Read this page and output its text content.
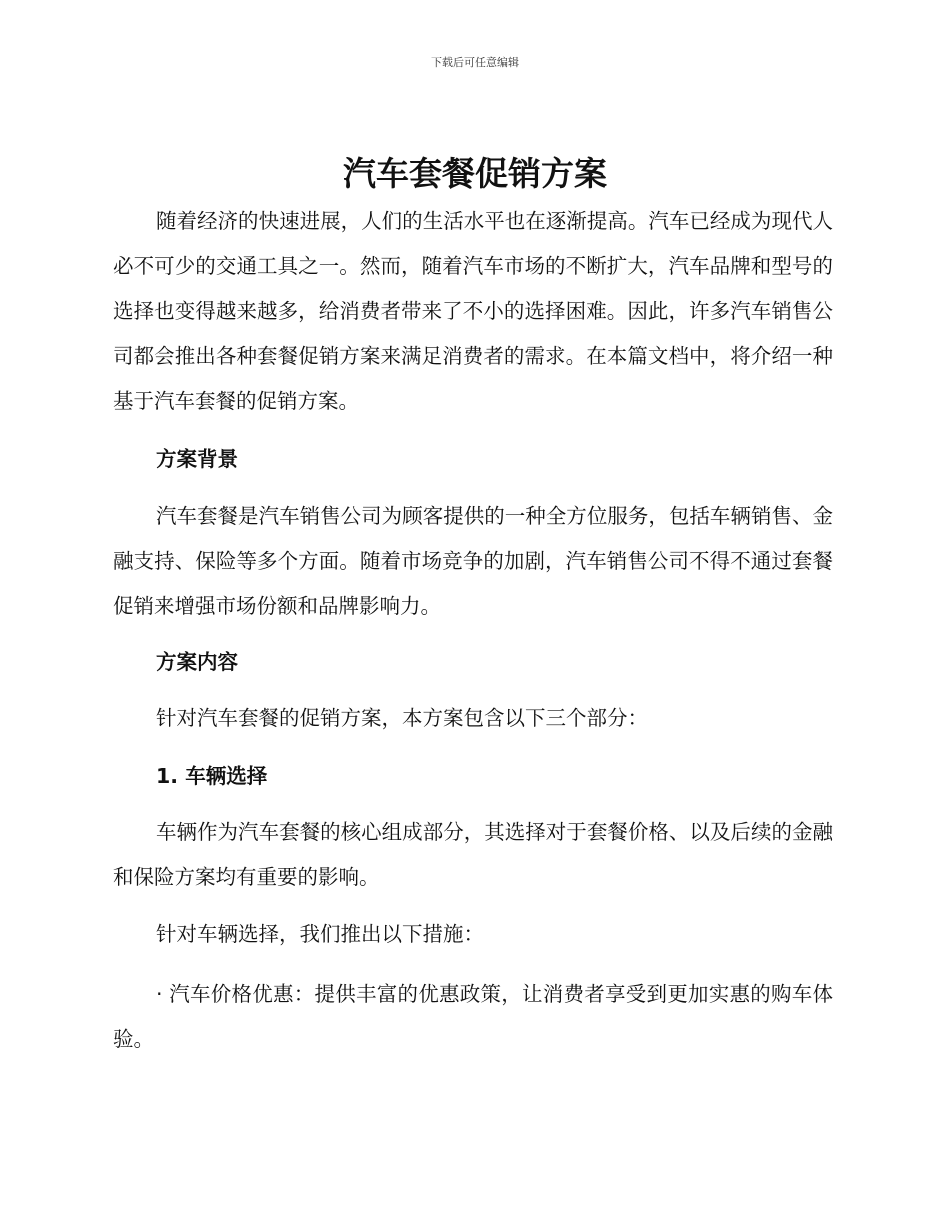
下载后可任意编辑
汽车套餐促销方案

随着经济的快速进展，人们的生活水平也在逐渐提高。汽车已经成为现代人必不可少的交通工具之一。然而，随着汽车市场的不断扩大，汽车品牌和型号的选择也变得越来越多，给消费者带来了不小的选择困难。因此，许多汽车销售公司都会推出各种套餐促销方案来满足消费者的需求。在本篇文档中，将介绍一种基于汽车套餐的促销方案。

方案背景

汽车套餐是汽车销售公司为顾客提供的一种全方位服务，包括车辆销售、金融支持、保险等多个方面。随着市场竞争的加剧，汽车销售公司不得不通过套餐促销来增强市场份额和品牌影响力。

方案内容

针对汽车套餐的促销方案，本方案包含以下三个部分：

1. 车辆选择

车辆作为汽车套餐的核心组成部分，其选择对于套餐价格、以及后续的金融和保险方案均有重要的影响。

针对车辆选择，我们推出以下措施：

· 汽车价格优惠：提供丰富的优惠政策，让消费者享受到更加实惠的购车体验。
